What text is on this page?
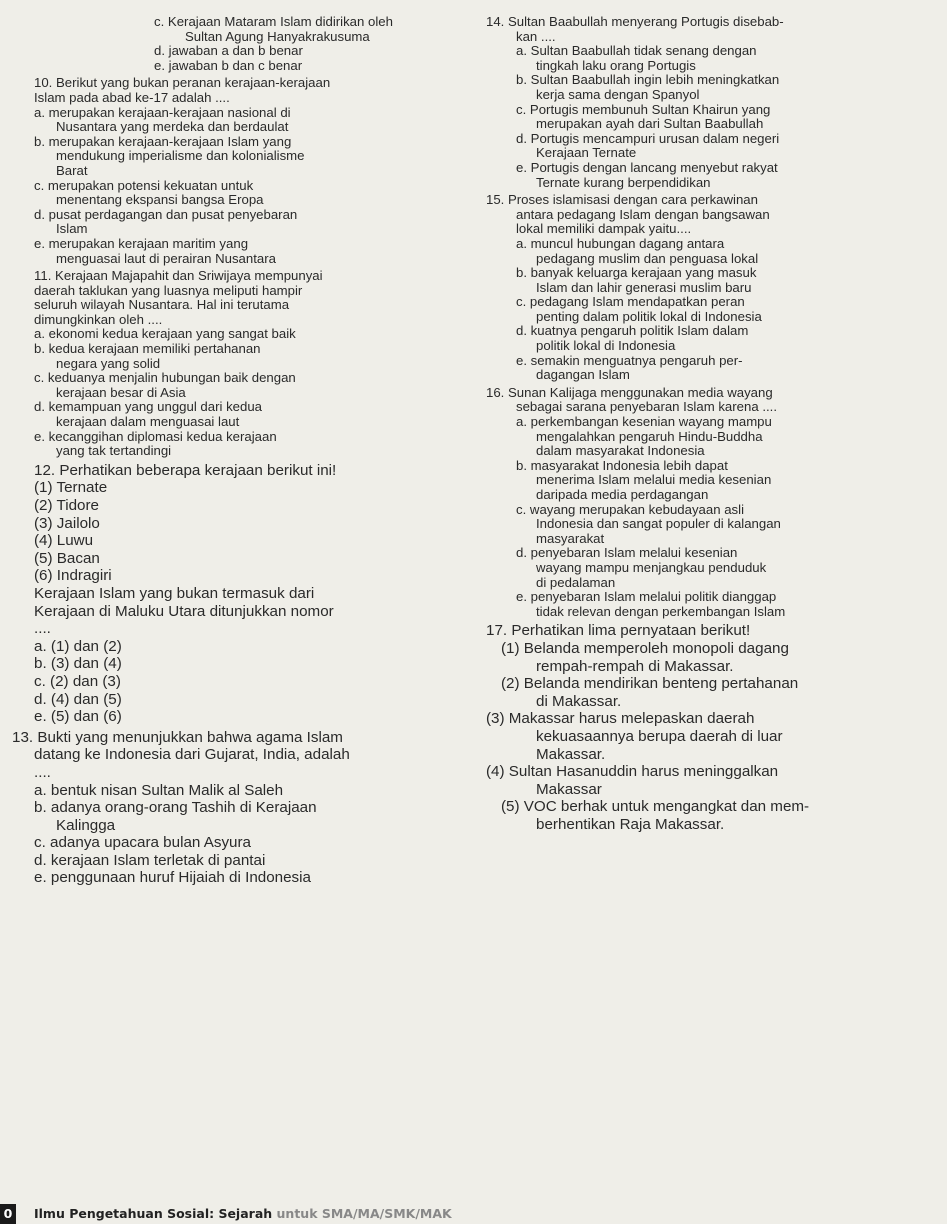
c. Kerajaan Mataram Islam didirikan oleh
Sultan Agung Hanyakrakusuma
d. jawaban a dan b benar
e. jawaban b dan c benar
10. Berikut yang bukan peranan kerajaan-kerajaan
Islam pada abad ke-17 adalah ....
a. merupakan kerajaan-kerajaan nasional di
Nusantara yang merdeka dan berdaulat
b. merupakan kerajaan-kerajaan Islam yang
mendukung imperialisme dan kolonialisme
Barat
c. merupakan potensi kekuatan untuk
menentang ekspansi bangsa Eropa
d. pusat perdagangan dan pusat penyebaran
Islam
e. merupakan kerajaan maritim yang
menguasai laut di perairan Nusantara
11. Kerajaan Majapahit dan Sriwijaya mempunyai
daerah taklukan yang luasnya meliputi hampir
seluruh wilayah Nusantara. Hal ini terutama
dimungkinkan oleh ....
a. ekonomi kedua kerajaan yang sangat baik
b. kedua kerajaan memiliki pertahanan
negara yang solid
c. keduanya menjalin hubungan baik dengan
kerajaan besar di Asia
d. kemampuan yang unggul dari kedua
kerajaan dalam menguasai laut
e. kecanggihan diplomasi kedua kerajaan
yang tak tertandingi
12. Perhatikan beberapa kerajaan berikut ini!
(1) Ternate
(2) Tidore
(3) Jailolo
(4) Luwu
(5) Bacan
(6) Indragiri
Kerajaan Islam yang bukan termasuk dari
Kerajaan di Maluku Utara ditunjukkan nomor
....
a. (1) dan (2)
b. (3) dan (4)
c. (2) dan (3)
d. (4) dan (5)
e. (5) dan (6)
13. Bukti yang menunjukkan bahwa agama Islam
datang ke Indonesia dari Gujarat, India, adalah
....
a. bentuk nisan Sultan Malik al Saleh
b. adanya orang-orang Tashih di Kerajaan
Kalingga
c. adanya upacara bulan Asyura
d. kerajaan Islam terletak di pantai
e. penggunaan huruf Hijaiah di Indonesia
14. Sultan Baabullah menyerang Portugis disebab-
kan ....
a. Sultan Baabullah tidak senang dengan
tingkah laku orang Portugis
b. Sultan Baabullah ingin lebih meningkatkan
kerja sama dengan Spanyol
c. Portugis membunuh Sultan Khairun yang
merupakan ayah dari Sultan Baabullah
d. Portugis mencampuri urusan dalam negeri
Kerajaan Ternate
e. Portugis dengan lancang menyebut rakyat
Ternate kurang berpendidikan
15. Proses islamisasi dengan cara perkawinan
antara pedagang Islam dengan bangsawan
lokal memiliki dampak yaitu....
a. muncul hubungan dagang antara
pedagang muslim dan penguasa lokal
b. banyak keluarga kerajaan yang masuk
Islam dan lahir generasi muslim baru
c. pedagang Islam mendapatkan peran
penting dalam politik lokal di Indonesia
d. kuatnya pengaruh politik Islam dalam
politik lokal di Indonesia
e. semakin menguatnya pengaruh per-
dagangan Islam
16. Sunan Kalijaga menggunakan media wayang
sebagai sarana penyebaran Islam karena ....
a. perkembangan kesenian wayang mampu
mengalahkan pengaruh Hindu-Buddha
dalam masyarakat Indonesia
b. masyarakat Indonesia lebih dapat
menerima Islam melalui media kesenian
daripada media perdagangan
c. wayang merupakan kebudayaan asli
Indonesia dan sangat populer di kalangan
masyarakat
d. penyebaran Islam melalui kesenian
wayang mampu menjangkau penduduk
di pedalaman
e. penyebaran Islam melalui politik dianggap
tidak relevan dengan perkembangan Islam
17. Perhatikan lima pernyataan berikut!
(1) Belanda memperoleh monopoli dagang
rempah-rempah di Makassar.
(2) Belanda mendirikan benteng pertahanan
di Makassar.
(3) Makassar harus melepaskan daerah
kekuasaannya berupa daerah di luar
Makassar.
(4) Sultan Hasanuddin harus meninggalkan
Makassar
(5) VOC berhak untuk mengangkat dan mem-
berhentikan Raja Makassar.
0 Ilmu Pengetahuan Sosial: Sejarah untuk SMA/MA/SMK/MAK
